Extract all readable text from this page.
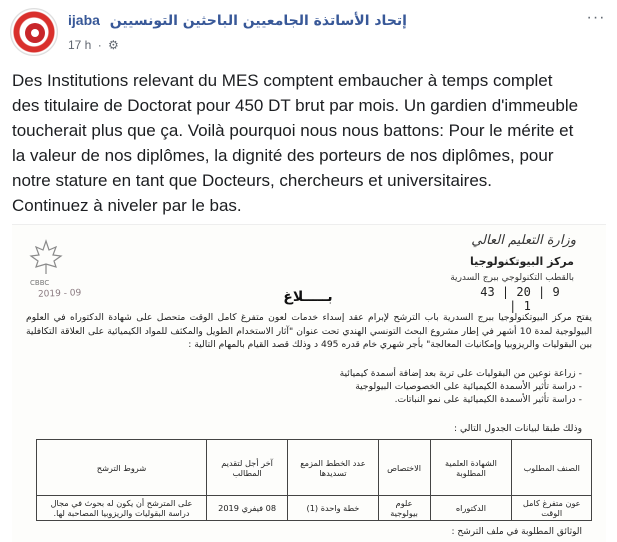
ijaba إتحاد الأساتذة الجامعيين الباحثين التونسيين
17 h · ⚙
···

Des Institutions relevant du MES comptent embaucher à temps complet

des titulaire de Doctorat pour 450 DT brut par mois. Un gardien d'immeuble

toucherait plus que ça. Voilà pourquoi nous nous battons: Pour le mérite et

la valeur de nos diplômes, la dignité des porteurs de nos diplômes, pour

notre stature en tant que Docteurs, chercheurs et universitaires.

Continuez à niveler par le bas.

CBBC
2019 - 09
وزارة التعليم العالي
مركز البيوتكنولوجيا
بالقطب التكنولوجي ببرج السدرية
43 | 20 | 9 | 1
بـــــلاغ
يفتح مركز البيوتكنولوجيا ببرج السدرية باب الترشح لإبرام عقد إسداء خدمات لعون متفرغ كامل الوقت متحصل على شهادة الدكتوراه في العلوم البيولوجية لمدة 10 أشهر في إطار مشروع البحث التونسي الهندي تحت عنوان "آثار الاستخدام الطويل والمكثف للمواد الكيميائية على العلاقة التكافلية بين البقوليات والريزوبيا وإمكانيات المعالجة" بأجر شهري خام قدره 495 د وذلك قصد القيام بالمهام التالية :
- زراعة نوعين من البقوليات على تربة بعد إضافة أسمدة كيميائية
- دراسة تأثير الأسمدة الكيميائية على الخصوصيات البيولوجية
- دراسة تأثير الأسمدة الكيميائية على نمو النباتات.
وذلك طبقا لبيانات الجدول التالي :
الصنف المطلوب	الشهادة العلمية المطلوبة	الاختصاص	عدد الخطط المزمع تسديدها	آخر أجل لتقديم المطالب	شروط الترشح
عون متفرغ كامل الوقت	الدكتوراه	علوم بيولوجية	خطة واحدة (1)	08 فيفري 2019	على المترشح أن يكون له بحوث في مجال دراسة البقوليات والريزوبيا المصاحبة لها.
الوثائق المطلوبة في ملف الترشح :
